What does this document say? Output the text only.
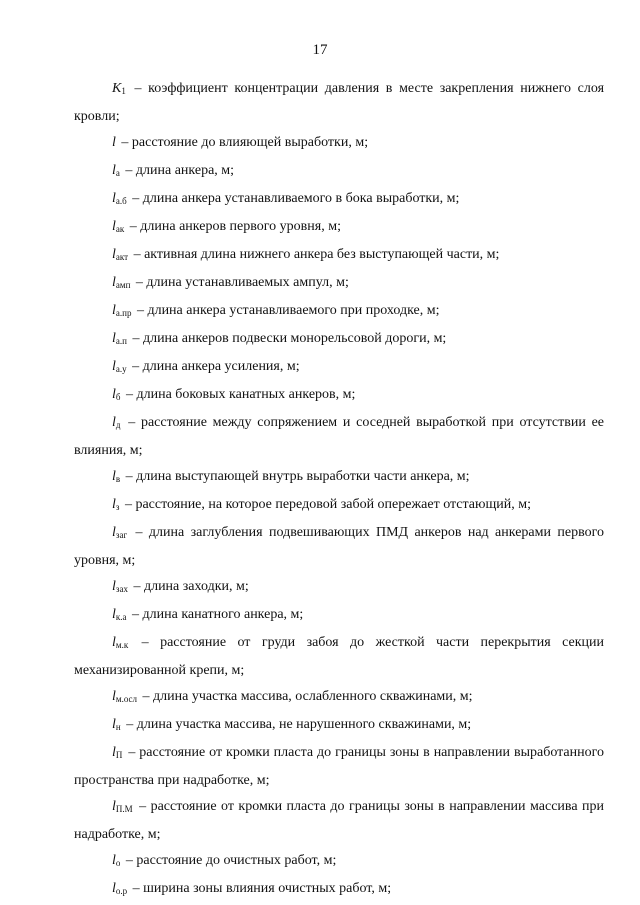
17

$K_1$ – коэффициент концентрации давления в месте закрепления нижнего слоя кровли;

l – расстояние до влияющей выработки, м;

$l_а$ – длина анкера, м;

$l_{а.б}$ – длина анкера устанавливаемого в бока выработки, м;

$l_{ак}$ – длина анкеров первого уровня, м;

$l_{акт}$ – активная длина нижнего анкера без выступающей части, м;

$l_{амп}$ – длина устанавливаемых ампул, м;

$l_{а.пр}$ – длина анкера устанавливаемого при проходке, м;

$l_{а.п}$ – длина анкеров подвески монорельсовой дороги, м;

$l_{а.у}$ – длина анкера усиления, м;

$l_б$ – длина боковых канатных анкеров, м;

$l_д$ – расстояние между сопряжением и соседней выработкой при отсутствии ее влияния, м;

$l_в$ – длина выступающей внутрь выработки части анкера, м;

$l_з$ – расстояние, на которое передовой забой опережает отстающий, м;

$l_{заг}$ – длина заглубления подвешивающих ПМД анкеров над анкерами первого уровня, м;

$l_{зах}$ – длина заходки, м;

$l_{к.а}$ – длина канатного анкера, м;

$l_{м.к}$ – расстояние от груди забоя до жесткой части перекрытия секции механизированной крепи, м;

$l_{м.осл}$ – длина участка массива, ослабленного скважинами, м;

$l_н$ – длина участка массива, не нарушенного скважинами, м;

$l_П$ – расстояние от кромки пласта до границы зоны в направлении выработанного пространства при надработке, м;

$l_{П.М}$ – расстояние от кромки пласта до границы зоны в направлении массива при надработке, м;

$l_о$ – расстояние до очистных работ, м;

$l_{о.р}$ – ширина зоны влияния очистных работ, м;
